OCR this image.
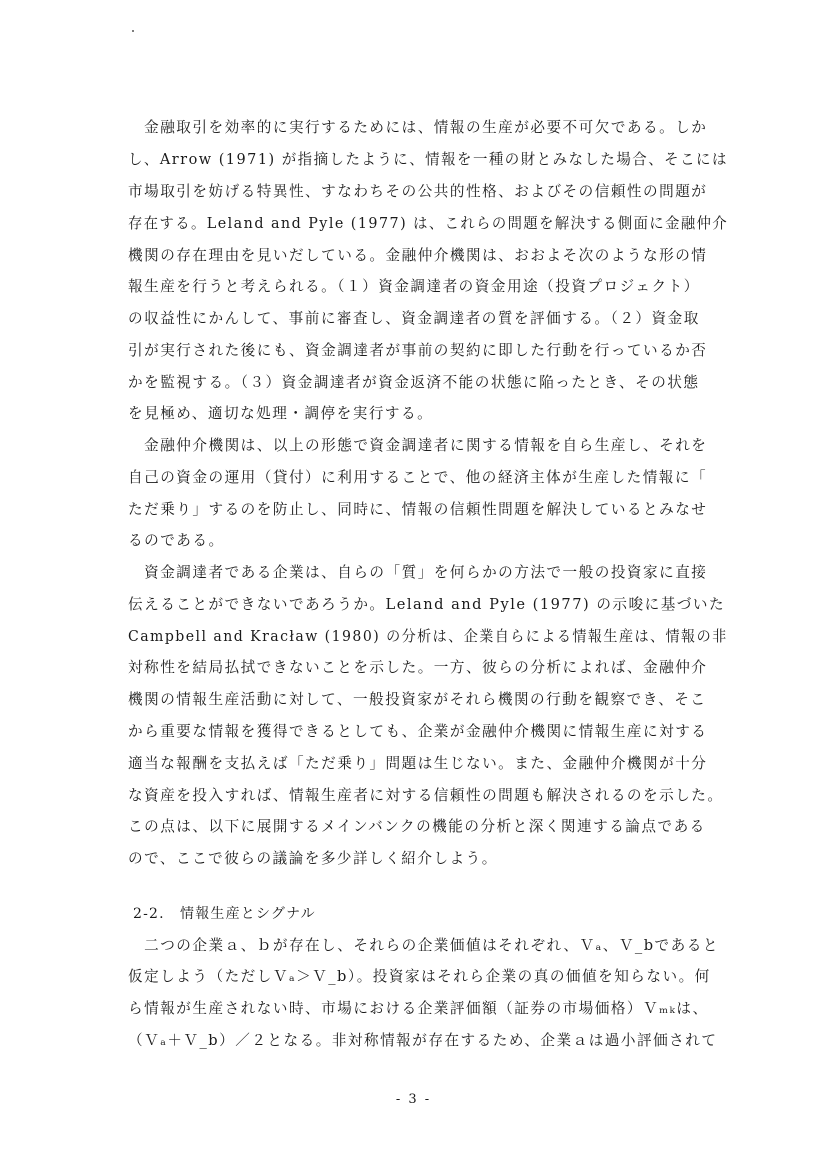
　金融取引を効率的に実行するためには、情報の生産が必要不可欠である。しか
し、Arrow (1971) が指摘したように、情報を一種の財とみなした場合、そこには
市場取引を妨げる特異性、すなわちその公共的性格、およびその信頼性の問題が
存在する。Leland and Pyle (1977) は、これらの問題を解決する側面に金融仲介
機関の存在理由を見いだしている。金融仲介機関は、おおよそ次のような形の情
報生産を行うと考えられる。（１）資金調達者の資金用途（投資プロジェクト）
の収益性にかんして、事前に審査し、資金調達者の質を評価する。（２）資金取
引が実行された後にも、資金調達者が事前の契約に即した行動を行っているか否
かを監視する。（３）資金調達者が資金返済不能の状態に陥ったとき、その状態
を見極め、適切な処理・調停を実行する。
　金融仲介機関は、以上の形態で資金調達者に関する情報を自ら生産し、それを
自己の資金の運用（貸付）に利用することで、他の経済主体が生産した情報に「
ただ乗り」するのを防止し、同時に、情報の信頼性問題を解決しているとみなせ
るのである。
　資金調達者である企業は、自らの「質」を何らかの方法で一般の投資家に直接
伝えることができないであろうか。Leland and Pyle (1977) の示唆に基づいた
Campbell and Kracław (1980) の分析は、企業自らによる情報生産は、情報の非
対称性を結局払拭できないことを示した。一方、彼らの分析によれば、金融仲介
機関の情報生産活動に対して、一般投資家がそれら機関の行動を観察でき、そこ
から重要な情報を獲得できるとしても、企業が金融仲介機関に情報生産に対する
適当な報酬を支払えば「ただ乗り」問題は生じない。また、金融仲介機関が十分
な資産を投入すれば、情報生産者に対する信頼性の問題も解決されるのを示した。
この点は、以下に展開するメインバンクの機能の分析と深く関連する論点である
ので、ここで彼らの議論を多少詳しく紹介しよう。
2-2.　情報生産とシグナル
　二つの企業ａ、ｂが存在し、それらの企業価値はそれぞれ、Ｖₐ、Ｖ_bであると
仮定しよう（ただしＶₐ＞Ｖ_b）。投資家はそれら企業の真の価値を知らない。何
ら情報が生産されない時、市場における企業評価額（証券の市場価格）Ｖₘₖは、
（Ｖₐ＋Ｖ_b）／２となる。非対称情報が存在するため、企業ａは過小評価されて
- 3 -
